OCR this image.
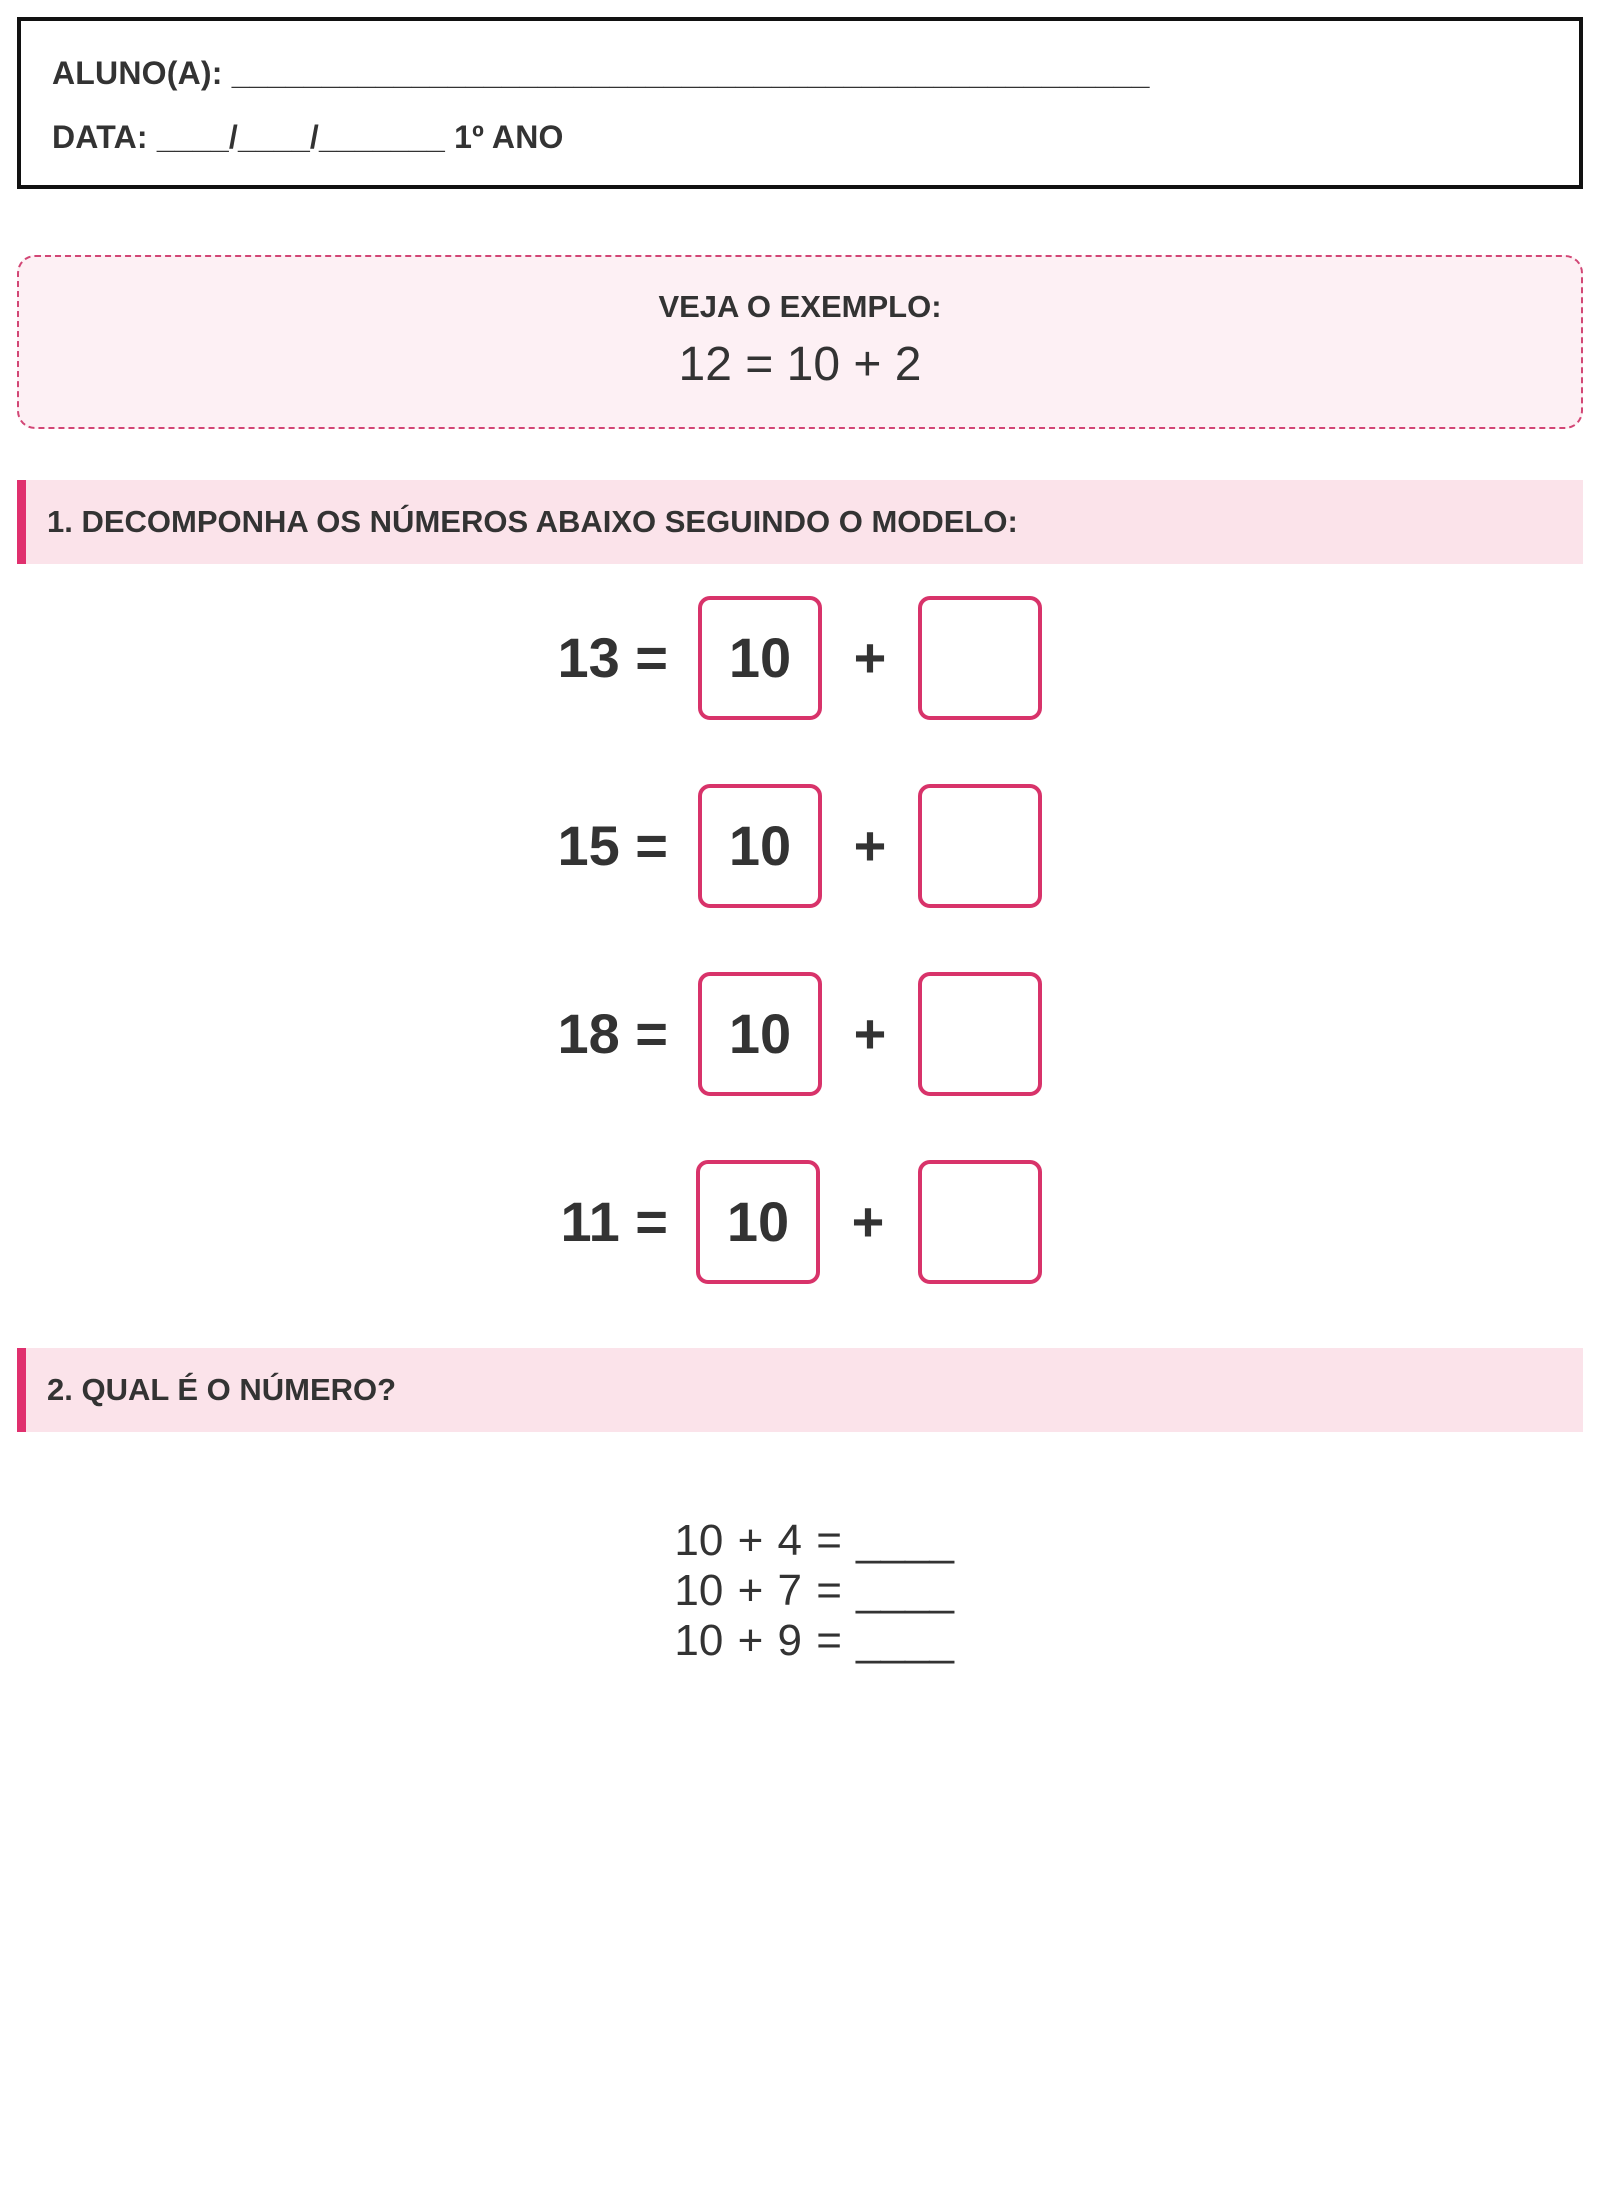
ALUNO(A): ___________________________________________________
DATA: ____/____/_______ 1º ANO
VEJA O EXEMPLO:
12 = 10 + 2
1. DECOMPONHA OS NÚMEROS ABAIXO SEGUINDO O MODELO:
13 =	10	+
15 =	10	+
18 =	10	+
11 =	10	+
2. QUAL É O NÚMERO?

10 + 4 = ____
10 + 7 = ____
10 + 9 = ____
